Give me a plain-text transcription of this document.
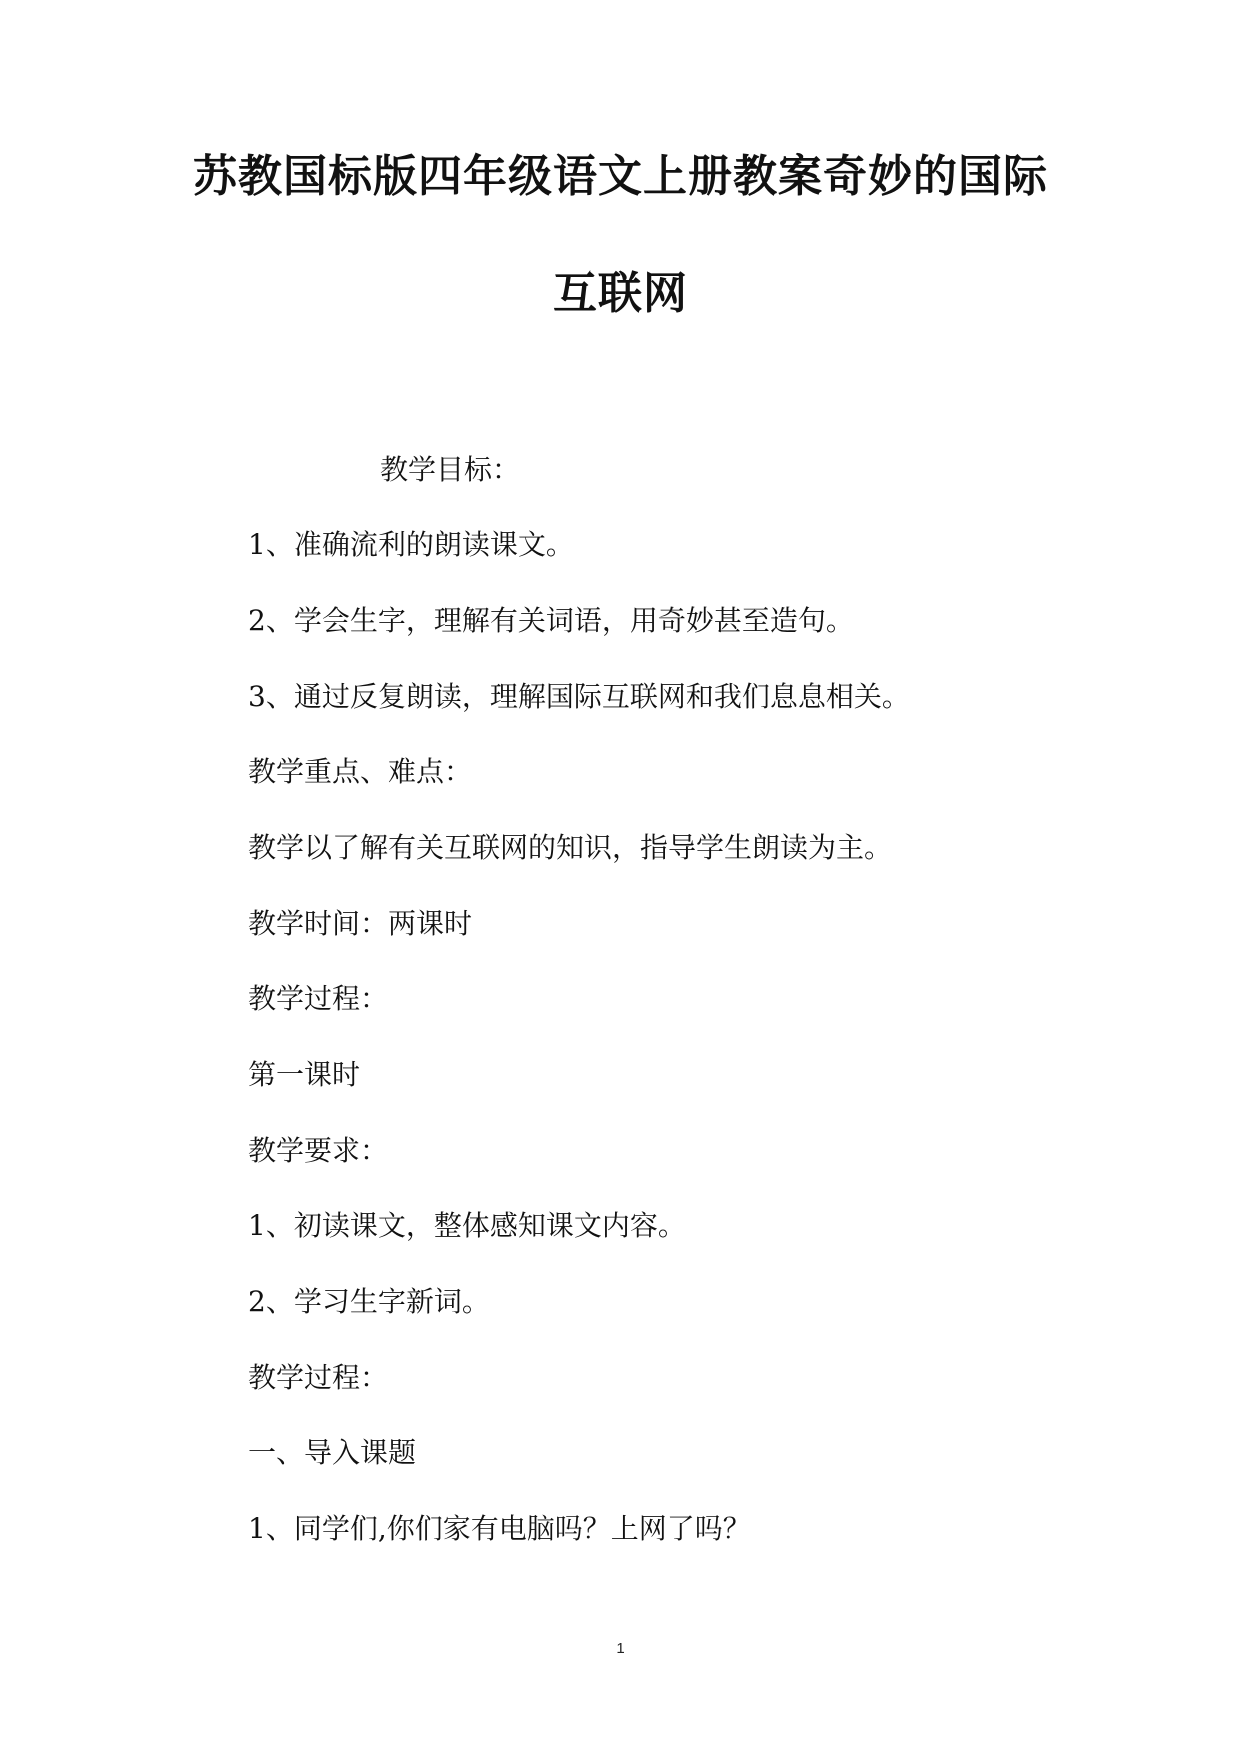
苏教国标版四年级语文上册教案奇妙的国际
互联网
教学目标：
1、准确流利的朗读课文。
2、学会生字，理解有关词语，用奇妙甚至造句。
3、通过反复朗读，理解国际互联网和我们息息相关。
教学重点、难点：
教学以了解有关互联网的知识，指导学生朗读为主。
教学时间：两课时
教学过程：
第一课时
教学要求：
1、初读课文，整体感知课文内容。
2、学习生字新词。
教学过程：
一、导入课题
1、同学们,你们家有电脑吗？上网了吗？
1
